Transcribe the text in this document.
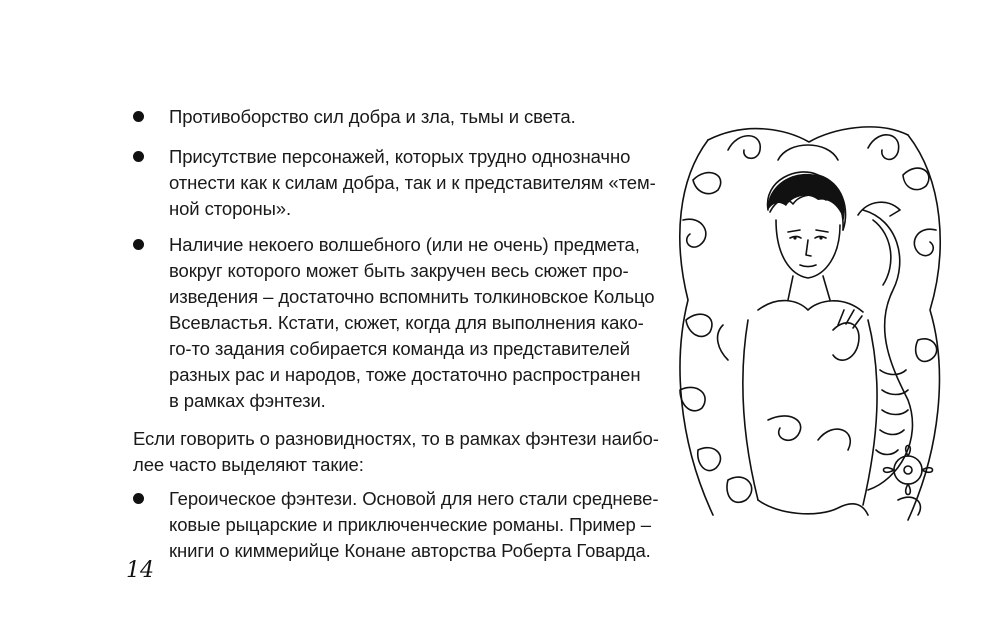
Противоборство сил добра и зла, тьмы и света.
Присутствие персонажей, которых трудно однозначно
отнести как к силам добра, так и к представителям «тем-
ной стороны».
Наличие некоего волшебного (или не очень) предмета,
вокруг которого может быть закручен весь сюжет про-
изведения – достаточно вспомнить толкиновское Кольцо
Всевластья. Кстати, сюжет, когда для выполнения како-
го-то задания собирается команда из представителей
разных рас и народов, тоже достаточно распространен
в рамках фэнтези.
Если говорить о разновидностях, то в рамках фэнтези наибо-
лее часто выделяют такие:
Героическое фэнтези. Основой для него стали средневе-
ковые рыцарские и приключенческие романы. Пример –
книги о киммерийце Конане авторства Роберта Говарда.
14
